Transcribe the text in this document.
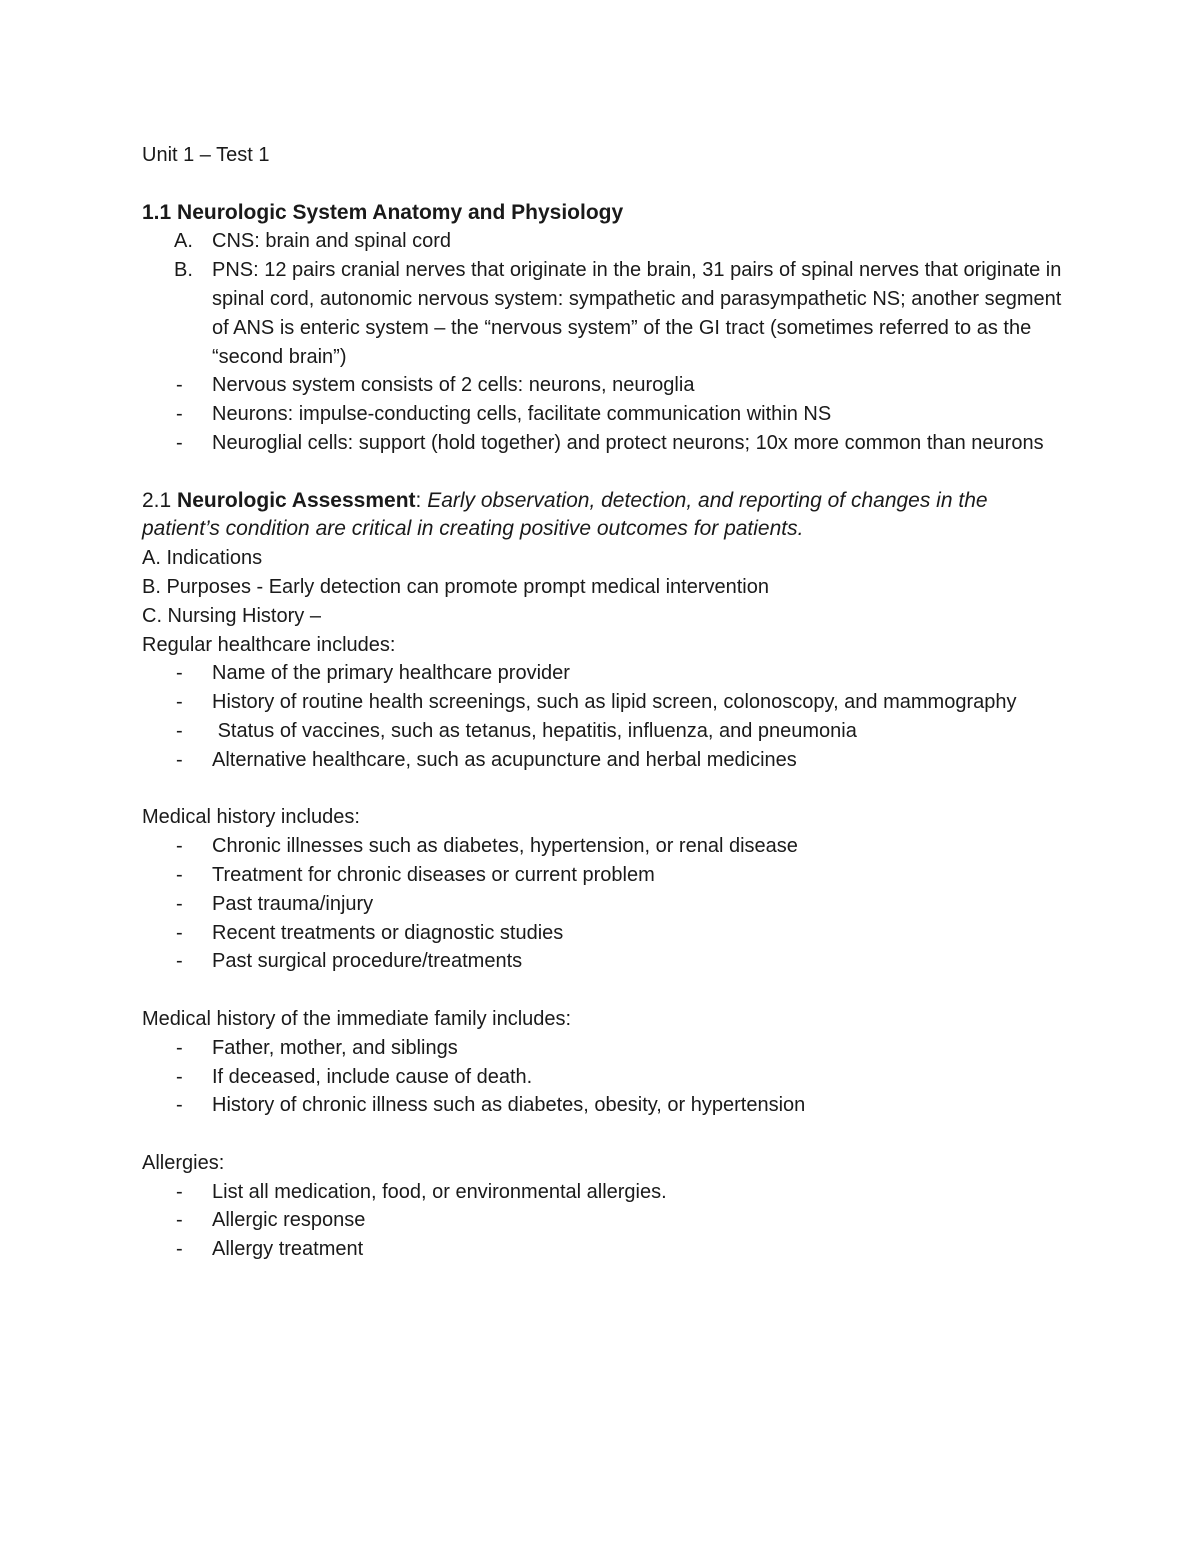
Unit 1 – Test 1

1.1 Neurologic System Anatomy and Physiology

A. CNS: brain and spinal cord
B. PNS: 12 pairs cranial nerves that originate in the brain, 31 pairs of spinal nerves that originate in spinal cord, autonomic nervous system: sympathetic and parasympathetic NS; another segment of ANS is enteric system – the “nervous system” of the GI tract (sometimes referred to as the “second brain”)
-	Nervous system consists of 2 cells: neurons, neuroglia
-	Neurons: impulse-conducting cells, facilitate communication within NS
-	Neuroglial cells: support (hold together) and protect neurons; 10x more common than neurons

2.1 Neurologic Assessment: Early observation, detection, and reporting of changes in the patient’s condition are critical in creating positive outcomes for patients.

A. Indications

B. Purposes - Early detection can promote prompt medical intervention

C. Nursing History –

Regular healthcare includes:

-	Name of the primary healthcare provider
-	History of routine health screenings, such as lipid screen, colonoscopy, and mammography
-	Status of vaccines, such as tetanus, hepatitis, influenza, and pneumonia
-	Alternative healthcare, such as acupuncture and herbal medicines

Medical history includes:

-	Chronic illnesses such as diabetes, hypertension, or renal disease
-	Treatment for chronic diseases or current problem
-	Past trauma/injury
-	Recent treatments or diagnostic studies
-	Past surgical procedure/treatments

Medical history of the immediate family includes:

-	Father, mother, and siblings
-	If deceased, include cause of death.
-	History of chronic illness such as diabetes, obesity, or hypertension

Allergies:

-	List all medication, food, or environmental allergies.
-	Allergic response
-	Allergy treatment
